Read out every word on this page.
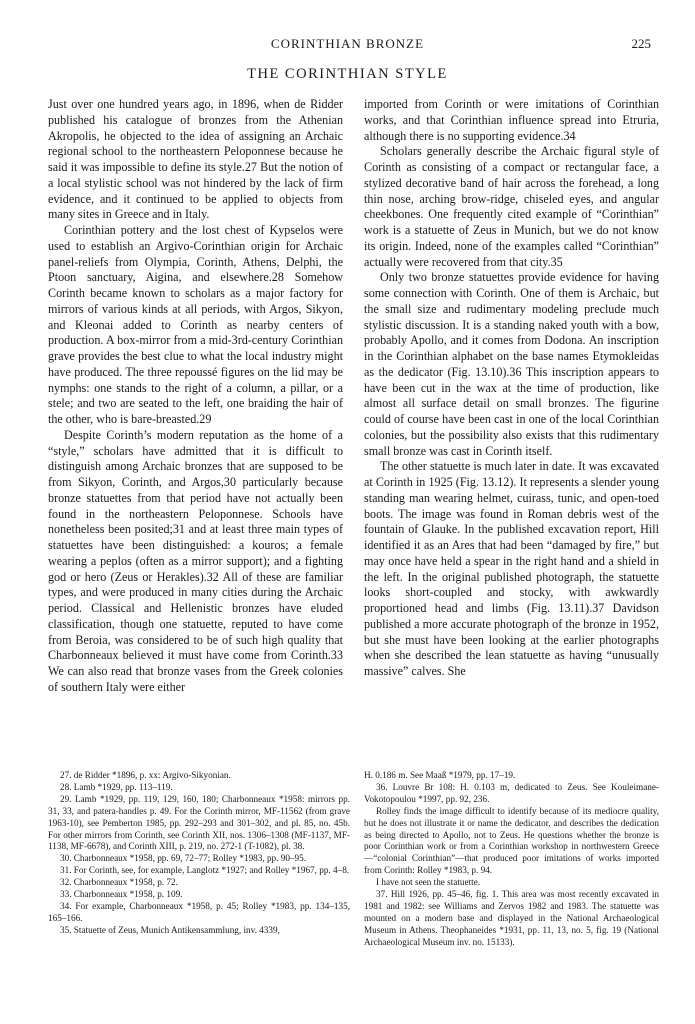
CORINTHIAN BRONZE	225
THE CORINTHIAN STYLE

Just over one hundred years ago, in 1896, when de Ridder published his catalogue of bronzes from the Athenian Akropolis, he objected to the idea of assigning an Archaic regional school to the northeastern Peloponnese because he said it was impossible to define its style.27 But the notion of a local stylistic school was not hindered by the lack of firm evidence, and it continued to be applied to objects from many sites in Greece and in Italy.

Corinthian pottery and the lost chest of Kypselos were used to establish an Argivo-Corinthian origin for Archaic panel-reliefs from Olympia, Corinth, Athens, Delphi, the Ptoon sanctuary, Aigina, and elsewhere.28 Somehow Corinth became known to scholars as a major factory for mirrors of various kinds at all periods, with Argos, Sikyon, and Kleonai added to Corinth as nearby centers of production. A box-mirror from a mid-3rd-century Corinthian grave provides the best clue to what the local industry might have produced. The three repoussé figures on the lid may be nymphs: one stands to the right of a column, a pillar, or a stele; and two are seated to the left, one braiding the hair of the other, who is bare-breasted.29

Despite Corinth’s modern reputation as the home of a “style,” scholars have admitted that it is difficult to distinguish among Archaic bronzes that are supposed to be from Sikyon, Corinth, and Argos,30 particularly because bronze statuettes from that period have not actually been found in the northeastern Peloponnese. Schools have nonetheless been posited;31 and at least three main types of statuettes have been distinguished: a kouros; a female wearing a peplos (often as a mirror support); and a fighting god or hero (Zeus or Herakles).32 All of these are familiar types, and were produced in many cities during the Archaic period. Classical and Hellenistic bronzes have eluded classification, though one statuette, reputed to have come from Beroia, was considered to be of such high quality that Charbonneaux believed it must have come from Corinth.33 We can also read that bronze vases from the Greek colonies of southern Italy were either

imported from Corinth or were imitations of Corinthian works, and that Corinthian influence spread into Etruria, although there is no supporting evidence.34

Scholars generally describe the Archaic figural style of Corinth as consisting of a compact or rectangular face, a stylized decorative band of hair across the forehead, a long thin nose, arching brow-ridge, chiseled eyes, and angular cheekbones. One frequently cited example of “Corinthian” work is a statuette of Zeus in Munich, but we do not know its origin. Indeed, none of the examples called “Corinthian” actually were recovered from that city.35

Only two bronze statuettes provide evidence for having some connection with Corinth. One of them is Archaic, but the small size and rudimentary modeling preclude much stylistic discussion. It is a standing naked youth with a bow, probably Apollo, and it comes from Dodona. An inscription in the Corinthian alphabet on the base names Etymokleidas as the dedicator (Fig. 13.10).36 This inscription appears to have been cut in the wax at the time of production, like almost all surface detail on small bronzes. The figurine could of course have been cast in one of the local Corinthian colonies, but the possibility also exists that this rudimentary small bronze was cast in Corinth itself.

The other statuette is much later in date. It was excavated at Corinth in 1925 (Fig. 13.12). It represents a slender young standing man wearing helmet, cuirass, tunic, and open-toed boots. The image was found in Roman debris west of the fountain of Glauke. In the published excavation report, Hill identified it as an Ares that had been “damaged by fire,” but may once have held a spear in the right hand and a shield in the left. In the original published photograph, the statuette looks short-coupled and stocky, with awkwardly proportioned head and limbs (Fig. 13.11).37 Davidson published a more accurate photograph of the bronze in 1952, but she must have been looking at the earlier photographs when she described the lean statuette as having “unusually massive” calves. She

27. de Ridder *1896, p. xx: Argivo-Sikyonian.

28. Lamb *1929, pp. 113–119.

29. Lamb *1929, pp. 119, 129, 160, 180; Charbonneaux *1958: mirrors pp. 31, 33, and patera-handles p. 49. For the Corinth mirror, MF-11562 (from grave 1963-10), see Pemberton 1985, pp. 292–293 and 301–302, and pl. 85, no. 45b. For other mirrors from Corinth, see Corinth XII, nos. 1306–1308 (MF-1137, MF-1138, MF-6678), and Corinth XIII, p. 219, no. 272-1 (T-1082), pl. 38.

30. Charbonneaux *1958, pp. 69, 72–77; Rolley *1983, pp. 90–95.

31. For Corinth, see, for example, Langlotz *1927; and Rolley *1967, pp. 4–8.

32. Charbonneaux *1958, p. 72.

33. Charbonneaux *1958, p. 109.

34. For example, Charbonneaux *1958, p. 45; Rolley *1983, pp. 134–135, 165–166.

35. Statuette of Zeus, Munich Antikensammlung, inv. 4339,

H. 0.186 m. See Maaß *1979, pp. 17–19.

36. Louvre Br 108: H. 0.103 m, dedicated to Zeus. See Kouleimane-Vokotopoulou *1997, pp. 92, 236.

Rolley finds the image difficult to identify because of its mediocre quality, but he does not illustrate it or name the dedicator, and describes the dedication as being directed to Apollo, not to Zeus. He questions whether the bronze is poor Corinthian work or from a Corinthian workshop in northwestern Greece—“colonial Corinthian”—that produced poor imitations of works imported from Corinth: Rolley *1983, p. 94.

I have not seen the statuette.

37. Hill 1926, pp. 45–46, fig. 1. This area was most recently excavated in 1981 and 1982: see Williams and Zervos 1982 and 1983. The statuette was mounted on a modern base and displayed in the National Archaeological Museum in Athens. Theophaneides *1931, pp. 11, 13, no. 5, fig. 19 (National Archaeological Museum inv. no. 15133).
